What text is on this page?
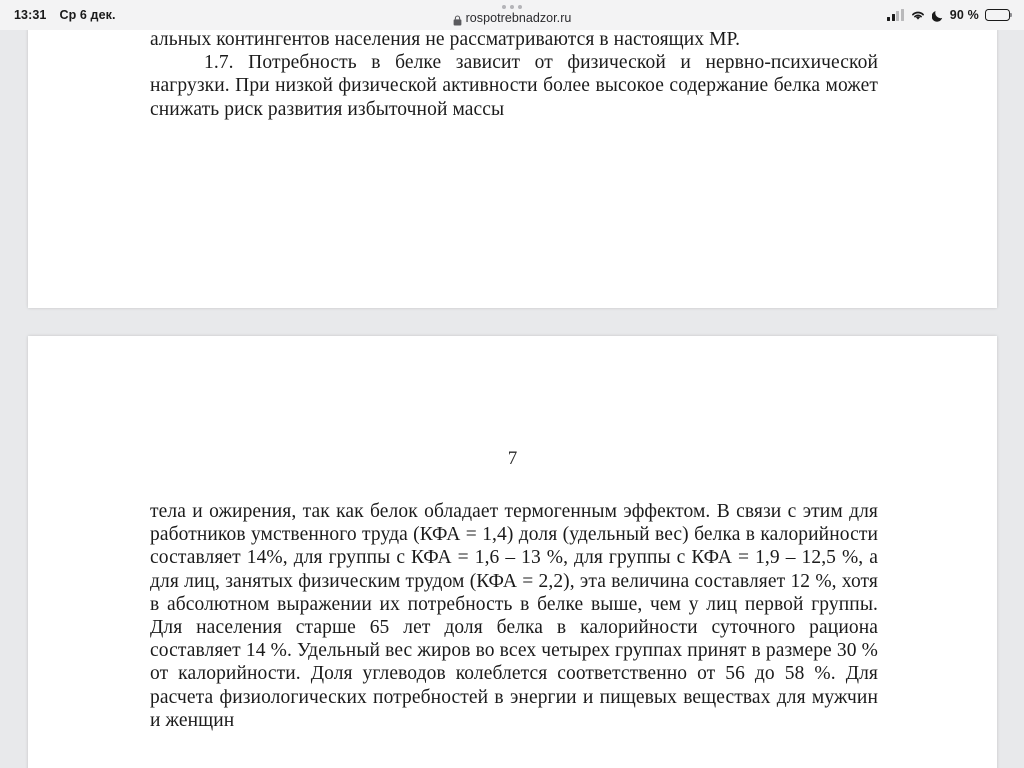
13:31 Ср 6 дек.	90 %
rospotrebnadzor.ru

альных контингентов населения не рассматриваются в настоящих МР.

1.7. Потребность в белке зависит от физической и нервно-психической нагрузки. При низкой физической активности более высокое содержание белка может снижать риск развития избыточной массы

7

тела и ожирения, так как белок обладает термогенным эффектом. В связи с этим для работников умственного труда (КФА = 1,4) доля (удельный вес) белка в калорийности составляет 14%, для группы с КФА = 1,6 – 13 %, для группы с КФА = 1,9 – 12,5 %, а для лиц, занятых физическим трудом (КФА = 2,2), эта величина составляет 12 %, хотя в абсолютном выражении их потребность в белке выше, чем у лиц первой группы. Для населения старше 65 лет доля белка в калорийности суточного рациона составляет 14 %. Удельный вес жиров во всех четырех группах принят в размере 30 % от калорийности. Доля углеводов колеблется соответственно от 56 до 58 %. Для расчета физиологических потребностей в энергии и пищевых веществах для мужчин и женщин
